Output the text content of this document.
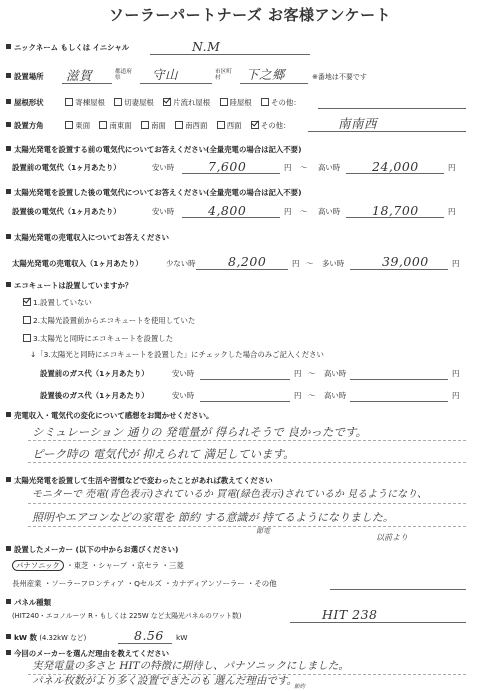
ソーラーパートナーズ お客様アンケート
ニックネーム もしくは イニシャル	N.M
設置場所 滋賀	都道府県	守山	市区町村	下之郷	※番地は不要です
屋根形状	寄棟屋根	切妻屋根	片流れ屋根	陸屋根	その他：
設置方角	東面	南東面	南面	南西面	西面	その他：	南南西
太陽光発電を設置する前の電気代についてお答えください(全量売電の場合は記入不要)
設置前の電気代（1ヶ月あたり）	安い時	7,600	円 〜 高い時	24,000	円
太陽光発電を設置した後の電気代についてお答えください(全量売電の場合は記入不要)
設置後の電気代（1ヶ月あたり）	安い時	4,800	円 〜 高い時	18,700	円
太陽光発電の売電収入についてお答えください
太陽光発電の売電収入（1ヶ月あたり）	少ない時	8,200	円 〜 多い時	39,000	円
エコキュートは設置していますか？
1.設置していない
2.太陽光設置前からエコキュートを使用していた
3.太陽光と同時にエコキュートを設置した
↓「3.太陽光と同時にエコキュートを設置した」にチェックした場合のみご記入ください
設置前のガス代（1ヶ月あたり）	安い時	円 〜 高い時	円
設置後のガス代（1ヶ月あたり）	安い時	円 〜 高い時	円
売電収入・電気代の変化について感想をお聞かせください。
シミュレーション 通りの 発電量が 得られそうで 良かったです。
ピーク時の 電気代が 抑えられて 満足しています。
太陽光発電を設置して生活や習慣などで変わったことがあれば教えてください
モニターで 売電(青色表示)されているか 買電(緑色表示)されているか 見るようになり、
照明やエアコンなどの家電を 節約 する意識が 持てるようになりました。
以前より
節電
設置したメーカー (以下の中からお選びください)
パナソニック ・東芝 ・シャープ ・京セラ ・三菱
長州産業 ・ソーラーフロンティア ・Qセルズ ・カナディアンソーラー ・その他
パネル種類
(HIT240・エコノルーツ R・もしくは 225W など太陽光パネルのワット数)	HIT 238
kW 数 (4.32kW など)	8.56 kW
今回のメーカーを選んだ理由を教えてください
実発電量の多さと HITの特徴に期待し、パナソニックにしました。
パネル枚数がより多く設置できたのも 選んだ理由です。
節約
